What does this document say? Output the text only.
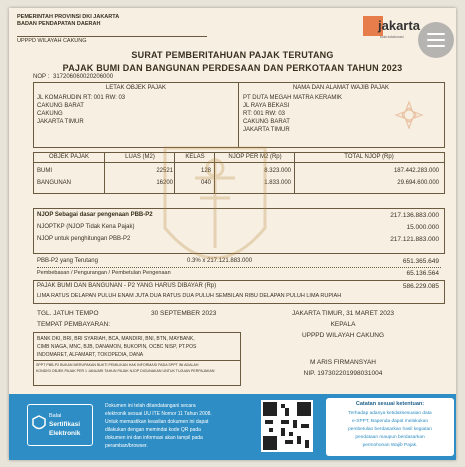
PEMERINTAH PROVINSI DKI JAKARTA
BADAN PENDAPATAN DAERAH
UPPPD WILAYAH CAKUNG
jakarta
kota kolaborasi
SURAT PEMBERITAHUAN PAJAK TERUTANG
PAJAK BUMI DAN BANGUNAN PERDESAAN DAN PERKOTAAN TAHUN 2023
NOP : 317206060020206000
LETAK OBJEK PAJAK	NAMA DAN ALAMAT WAJIB PAJAK
JL KOMARUDIN RT: 001 RW: 03
CAKUNG BARAT
CAKUNG
JAKARTA TIMUR
PT DUTA MEGAH MATRA KERAMIK
JL RAYA BEKASI
RT: 001 RW: 03
CAKUNG BARAT
JAKARTA TIMUR
OBJEK PAJAK	LUAS (M2)	KELAS	NJOP PER M2 (Rp)	TOTAL NJOP (Rp)
BUMI	22521	128	8.323.000	187.442.283.000
BANGUNAN	16200	040	1.833.000	29.694.600.000
NJOP Sebagai dasar pengenaan PBB-P2	217.136.883.000
NJOPTKP (NJOP Tidak Kena Pajak)	15.000.000
NJOP untuk penghitungan PBB-P2	217.121.883.000
PBB-P2 yang Terutang	0.3% x 217.121.883.000	651.365.649
Pembebasan / Pengurangan / Pembetulan Pengenaan	65.136.564
PAJAK BUMI DAN BANGUNAN - P2 YANG HARUS DIBAYAR (Rp)	586.229.085
LIMA RATUS DELAPAN PULUH ENAM JUTA DUA RATUS DUA PULUH SEMBILAN RIBU DELAPAN PULUH LIMA RUPIAH
TGL. JATUH TEMPO	30 SEPTEMBER 2023
TEMPAT PEMBAYARAN:
BANK DKI, BRI, BRI SYARIAH, BCA, MANDIRI, BNI, BTN, MAYBANK,
CIMB NIAGA, MNC, BJB, DANAMON, BUKOPIN, OCBC NISP, PT.POS
INDOMARET, ALFAMART, TOKOPEDIA, DANA
SPPT PBB-P2 BUKAN MERUPAKAN BUKTI PEMILIKAN HAK INFORMASI PADA SPPT INI ADALAH
KONDISI OBJEK PAJAK PER 1 JANUARI TAHUN PAJAK NJOP DIGUNAKAN UNTUK TUJUAN PERPAJAKAN
JAKARTA TIMUR, 31 MARET 2023
KEPALA
UPPPD WILAYAH CAKUNG
M ARIS FIRMANSYAH
NIP. 197302201998031004
Balai
Sertifikasi
Elektronik
Dokumen ini telah ditandatangani secara
elektronik sesuai UU ITE Nomor 11 Tahun 2008.
Untuk memastikan keaslian dokumen ini dapat
dilakukan dengan memindai kode QR pada
dokumen ini dan informasi akan tampil pada
peramban/browser.
Catatan sesuai ketentuan:
Terhadap adanya ketidaksesuaian data
e-SPPT, Bapenda dapat melakukan
pembetulan berdasarkan hasil kegiatan
pendataan maupun berdasarkan
permohonan Wajib Pajak.
